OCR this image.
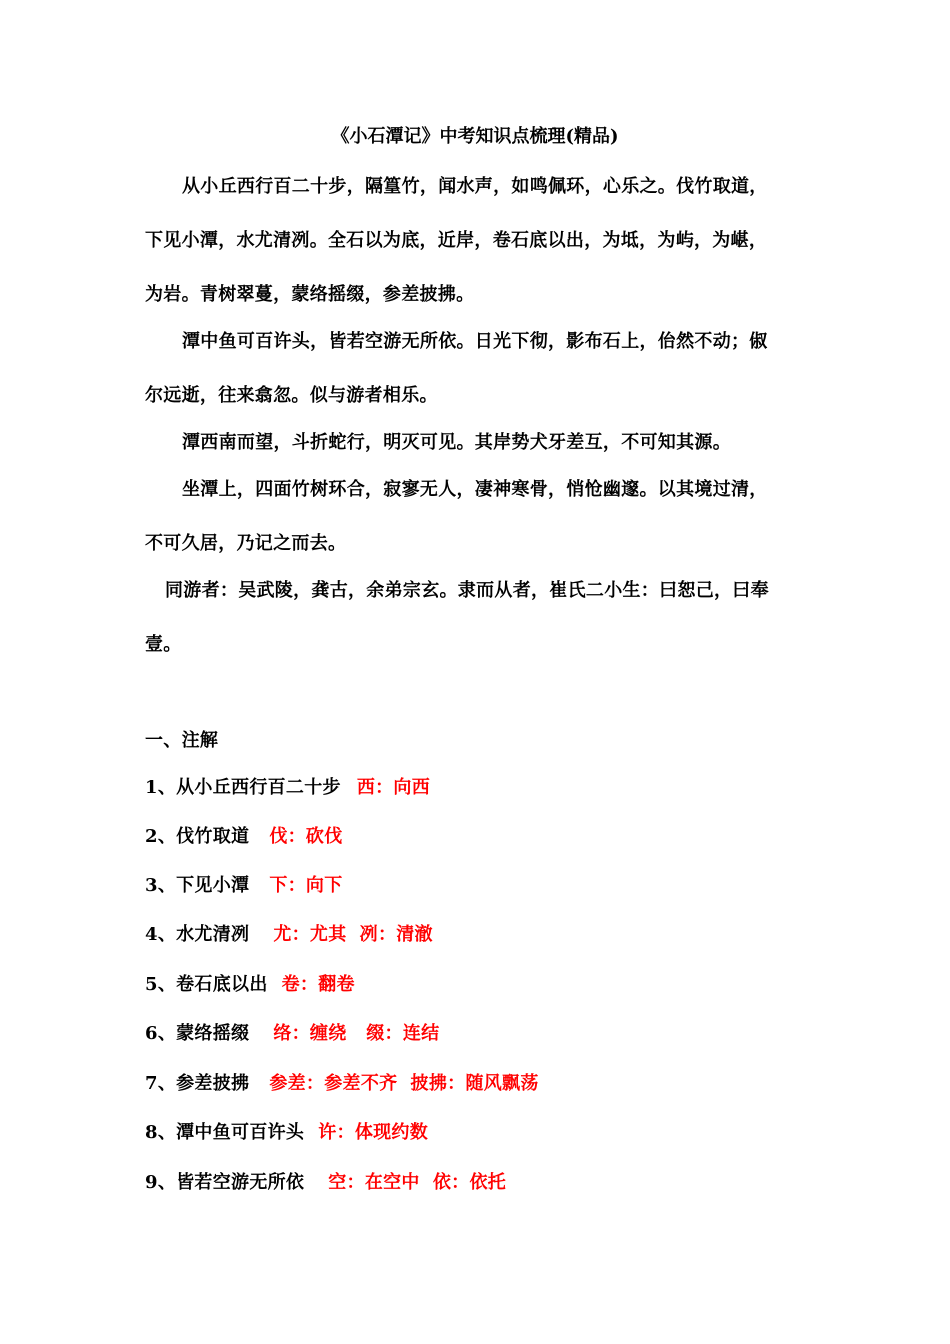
《小石潭记》中考知识点梳理(精品)
从小丘西行百二十步，隔篁竹，闻水声，如鸣佩环，心乐之。伐竹取道，
下见小潭，水尤清冽。全石以为底，近岸，卷石底以出，为坻，为屿，为嵁，
为岩。青树翠蔓，蒙络摇缀，参差披拂。
潭中鱼可百许头，皆若空游无所依。日光下彻，影布石上，佁然不动；俶
尔远逝，往来翕忽。似与游者相乐。
潭西南而望，斗折蛇行，明灭可见。其岸势犬牙差互，不可知其源。
坐潭上，四面竹树环合，寂寥无人，凄神寒骨，悄怆幽邃。以其境过清，
不可久居，乃记之而去。
同游者：吴武陵，龚古，余弟宗玄。隶而从者，崔氏二小生：曰恕己，曰奉
壹。
一、注解
1、从小丘西行百二十步 西：向西
2、伐竹取道 伐：砍伐
3、下见小潭 下：向下
4、水尤清冽 尤：尤其  冽：清澈
5、卷石底以出 卷：翻卷
6、蒙络摇缀 络：缠绕   缀：连结
7、参差披拂 参差：参差不齐  披拂：随风飘荡
8、潭中鱼可百许头 许：体现约数
9、皆若空游无所依 空：在空中  依：依托
